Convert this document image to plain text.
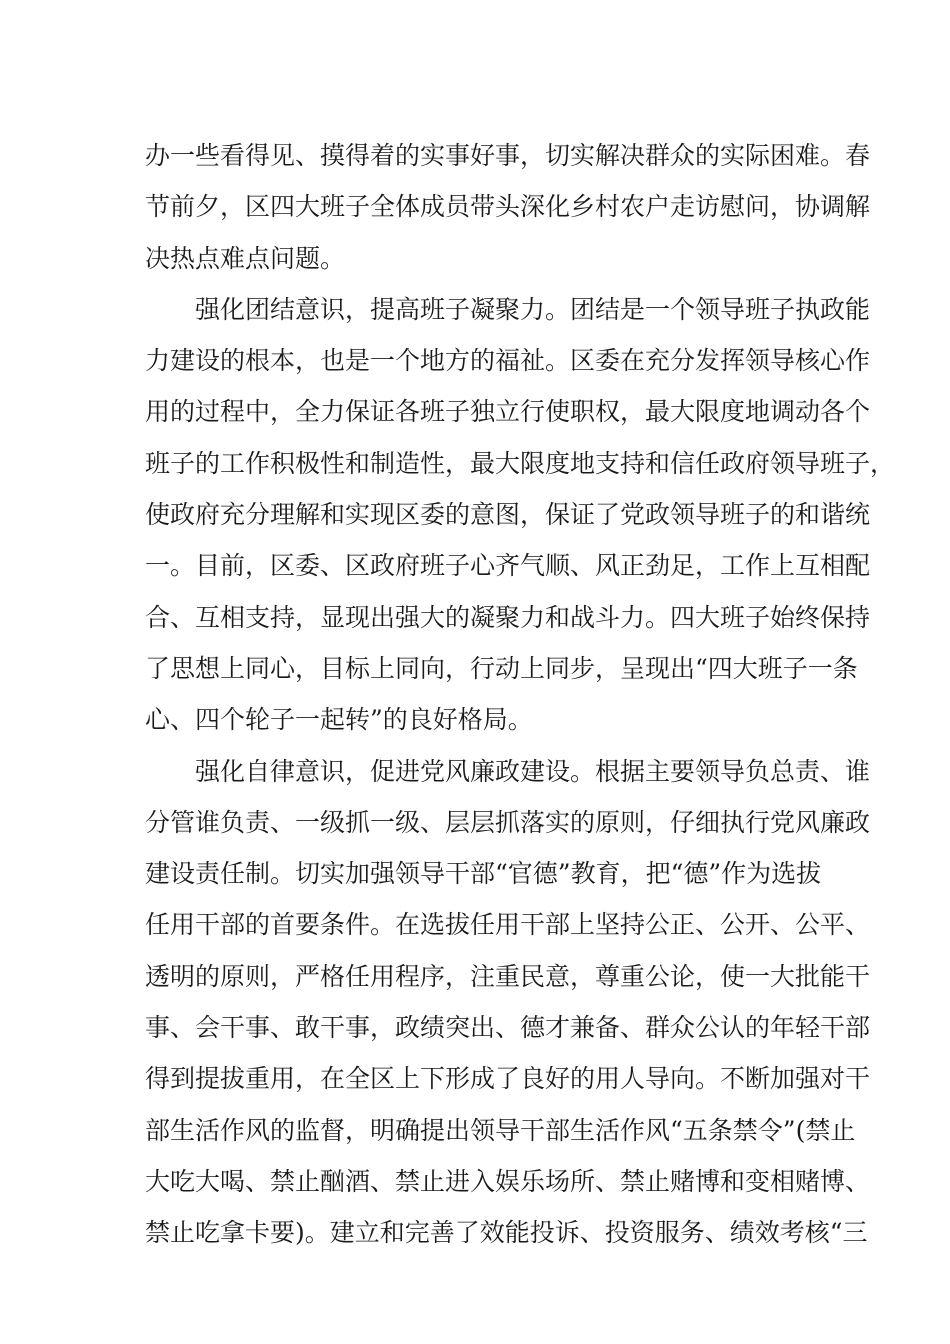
办一些看得见、摸得着的实事好事，切实解决群众的实际困难。春
节前夕，区四大班子全体成员带头深化乡村农户走访慰问，协调解
决热点难点问题。
强化团结意识，提高班子凝聚力。团结是一个领导班子执政能
力建设的根本，也是一个地方的福祉。区委在充分发挥领导核心作
用的过程中，全力保证各班子独立行使职权，最大限度地调动各个
班子的工作积极性和制造性，最大限度地支持和信任政府领导班子，
使政府充分理解和实现区委的意图，保证了党政领导班子的和谐统
一。目前，区委、区政府班子心齐气顺、风正劲足，工作上互相配
合、互相支持，显现出强大的凝聚力和战斗力。四大班子始终保持
了思想上同心，目标上同向，行动上同步，呈现出“四大班子一条
心、四个轮子一起转”的良好格局。
强化自律意识，促进党风廉政建设。根据主要领导负总责、谁
分管谁负责、一级抓一级、层层抓落实的原则，仔细执行党风廉政
建设责任制。切实加强领导干部“官德”教育，把“德”作为选拔
任用干部的首要条件。在选拔任用干部上坚持公正、公开、公平、
透明的原则，严格任用程序，注重民意，尊重公论，使一大批能干
事、会干事、敢干事，政绩突出、德才兼备、群众公认的年轻干部
得到提拔重用，在全区上下形成了良好的用人导向。不断加强对干
部生活作风的监督，明确提出领导干部生活作风“五条禁令”(禁止
大吃大喝、禁止酗酒、禁止进入娱乐场所、禁止赌博和变相赌博、
禁止吃拿卡要)。建立和完善了效能投诉、投资服务、绩效考核“三
